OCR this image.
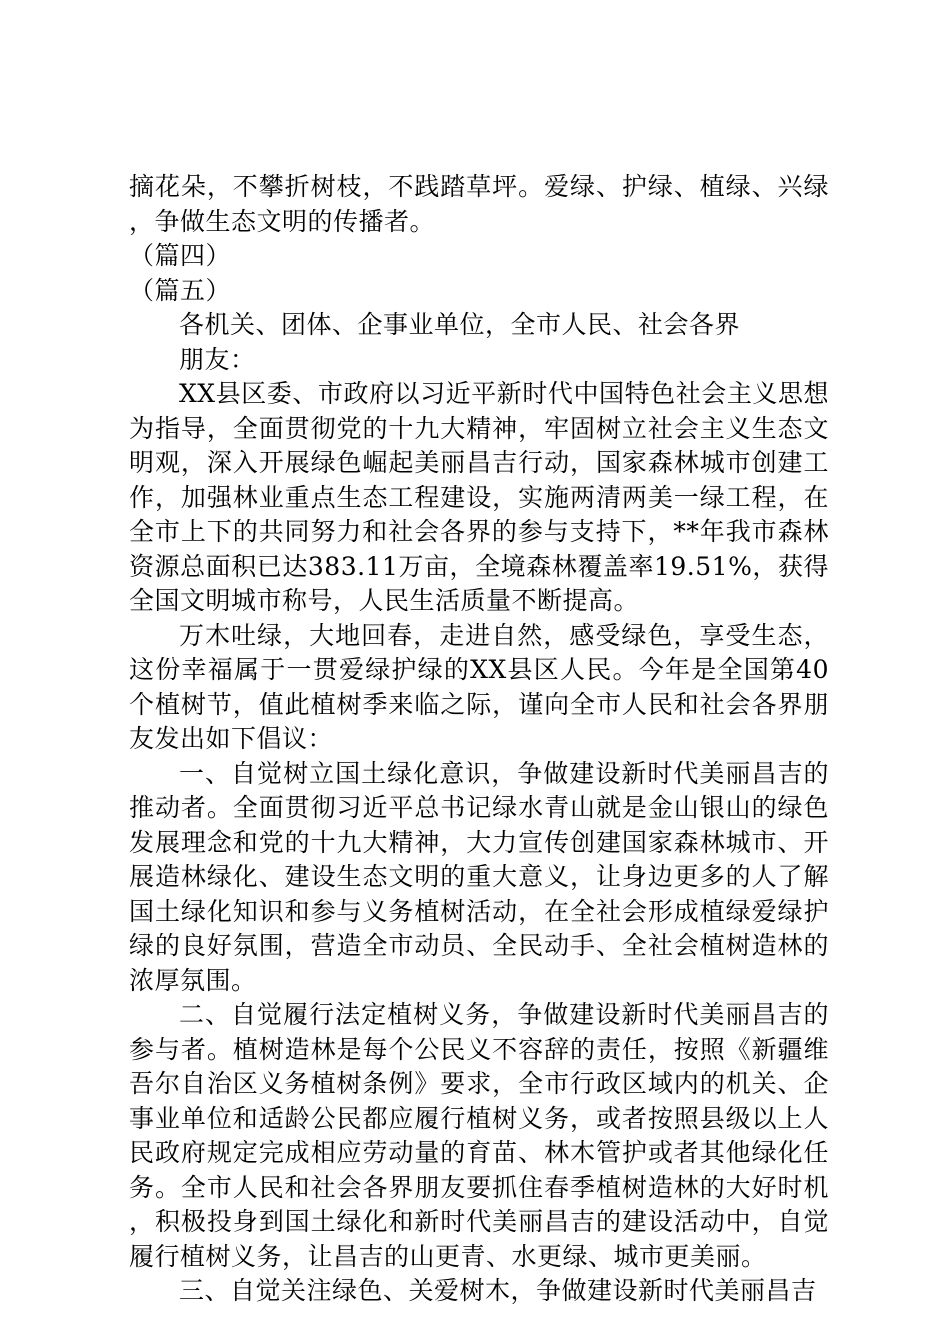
摘花朵，不攀折树枝，不践踏草坪。爱绿、护绿、植绿、兴绿，争做生态文明的传播者。

（篇四）

（篇五）

各机关、团体、企事业单位，全市人民、社会各界

朋友：

XX县区委、市政府以习近平新时代中国特色社会主义思想为指导，全面贯彻党的十九大精神，牢固树立社会主义生态文明观，深入开展绿色崛起美丽昌吉行动，国家森林城市创建工作，加强林业重点生态工程建设，实施两清两美一绿工程，在全市上下的共同努力和社会各界的参与支持下，**年我市森林资源总面积已达383.11万亩，全境森林覆盖率19.51%，获得全国文明城市称号，人民生活质量不断提高。

万木吐绿，大地回春，走进自然，感受绿色，享受生态，这份幸福属于一贯爱绿护绿的XX县区人民。今年是全国第40个植树节，值此植树季来临之际，谨向全市人民和社会各界朋友发出如下倡议：

一、自觉树立国土绿化意识，争做建设新时代美丽昌吉的推动者。全面贯彻习近平总书记绿水青山就是金山银山的绿色发展理念和党的十九大精神，大力宣传创建国家森林城市、开展造林绿化、建设生态文明的重大意义，让身边更多的人了解国土绿化知识和参与义务植树活动，在全社会形成植绿爱绿护绿的良好氛围，营造全市动员、全民动手、全社会植树造林的浓厚氛围。

二、自觉履行法定植树义务，争做建设新时代美丽昌吉的参与者。植树造林是每个公民义不容辞的责任，按照《新疆维吾尔自治区义务植树条例》要求，全市行政区域内的机关、企事业单位和适龄公民都应履行植树义务，或者按照县级以上人民政府规定完成相应劳动量的育苗、林木管护或者其他绿化任务。全市人民和社会各界朋友要抓住春季植树造林的大好时机，积极投身到国土绿化和新时代美丽昌吉的建设活动中，自觉履行植树义务，让昌吉的山更青、水更绿、城市更美丽。

三、自觉关注绿色、关爱树木，争做建设新时代美丽昌吉
